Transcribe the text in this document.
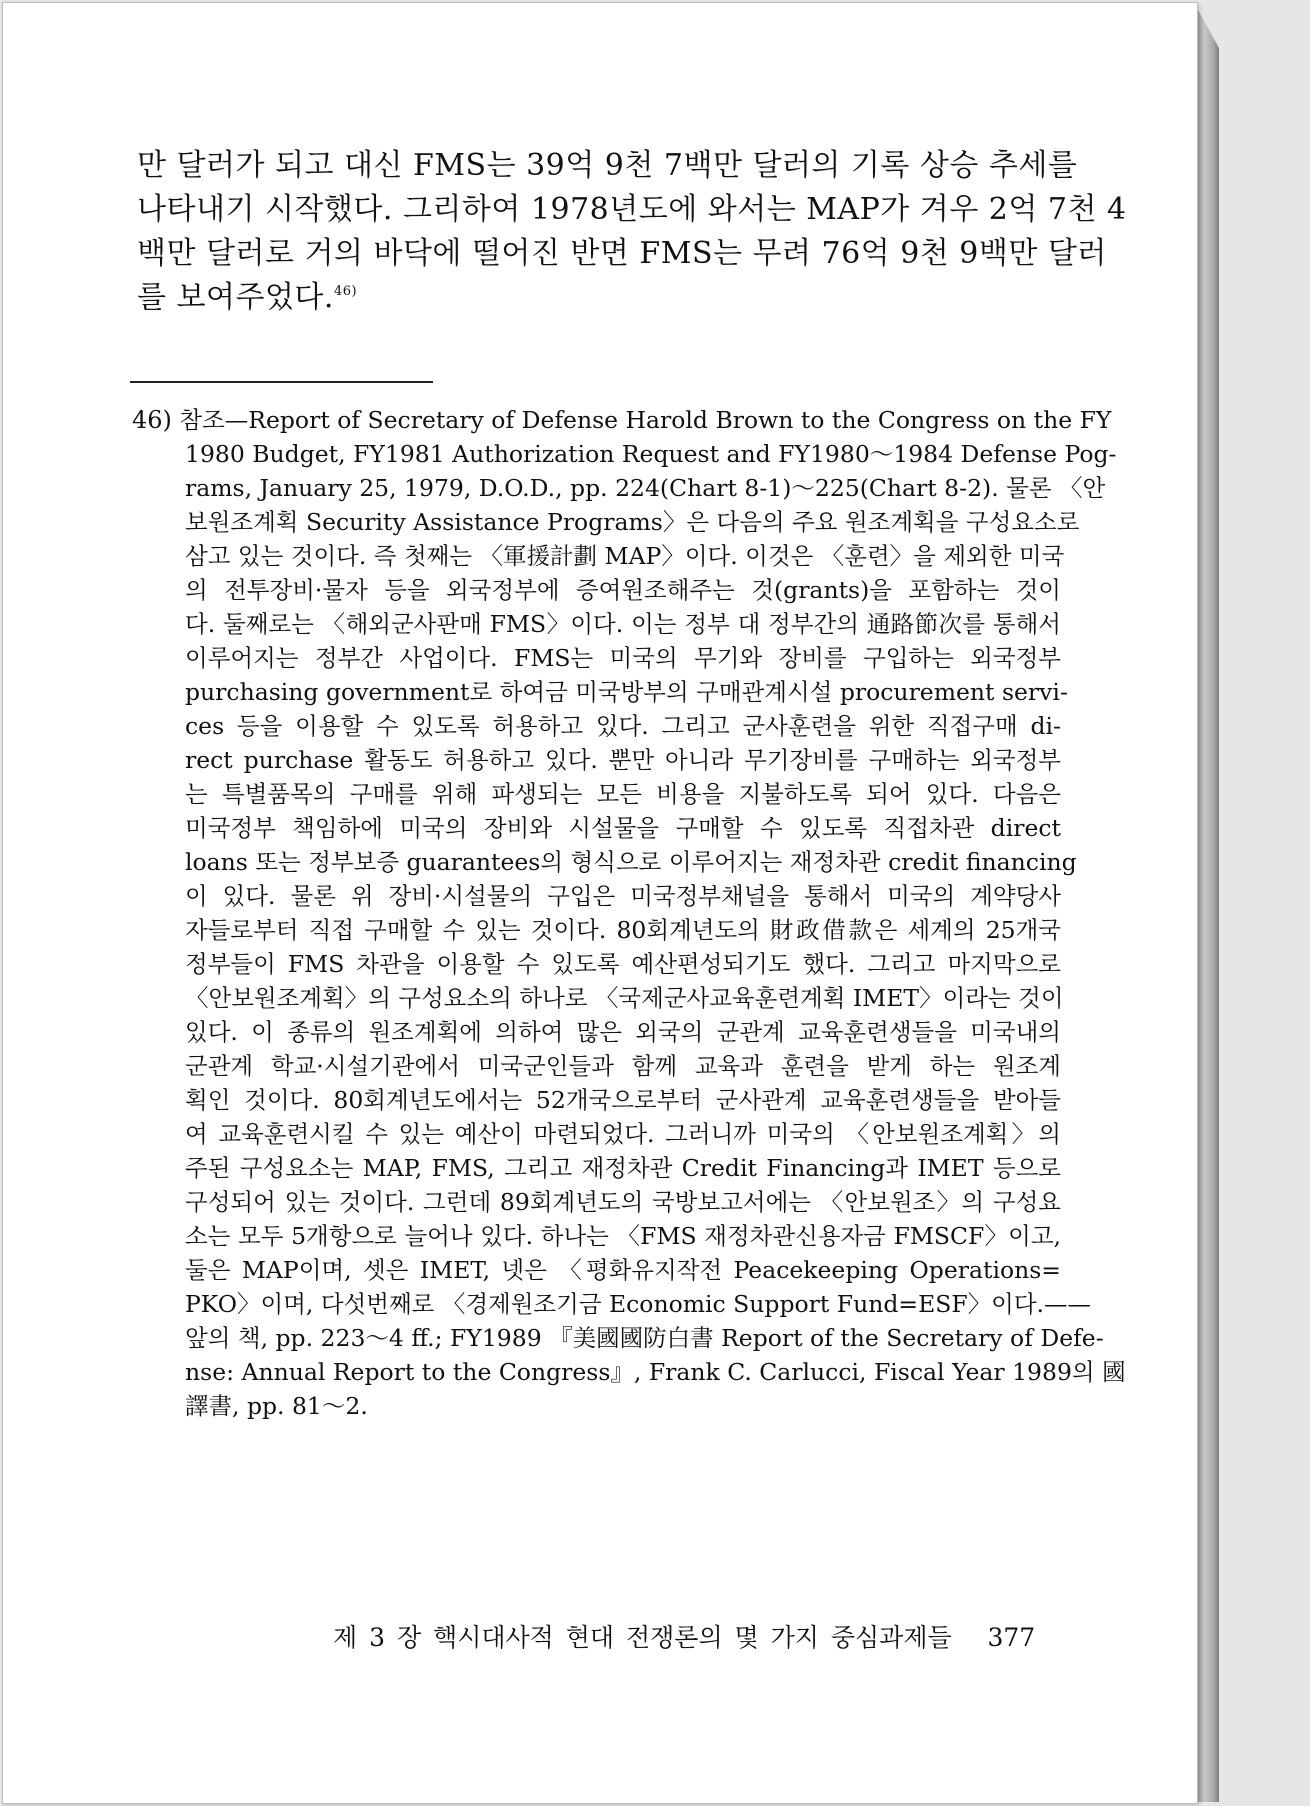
만 달러가 되고 대신 FMS는 39억 9천 7백만 달러의 기록 상승 추세를
나타내기 시작했다. 그리하여 1978년도에 와서는 MAP가 겨우 2억 7천 4
백만 달러로 거의 바닥에 떨어진 반면 FMS는 무려 76억 9천 9백만 달러
를 보여주었다.$^{46)}$
46) 참조—Report of Secretary of Defense Harold Brown to the Congress on the FY
1980 Budget, FY1981 Authorization Request and FY1980〜1984 Defense Pog-
rams, January 25, 1979, D.O.D., pp. 224(Chart 8-1)〜225(Chart 8-2). 물론 〈안
보원조계획 Security Assistance Programs〉은 다음의 주요 원조계획을 구성요소로
삼고 있는 것이다. 즉 첫째는 〈軍援計劃 MAP〉이다. 이것은 〈훈련〉을 제외한 미국
의 전투장비·물자 등을 외국정부에 증여원조해주는 것(grants)을 포함하는 것이
다. 둘째로는 〈해외군사판매 FMS〉이다. 이는 정부 대 정부간의 通路節次를 통해서
이루어지는 정부간 사업이다. FMS는 미국의 무기와 장비를 구입하는 외국정부
purchasing government로 하여금 미국방부의 구매관계시설 procurement servi-
ces 등을 이용할 수 있도록 허용하고 있다. 그리고 군사훈련을 위한 직접구매 di-
rect purchase 활동도 허용하고 있다. 뿐만 아니라 무기장비를 구매하는 외국정부
는 특별품목의 구매를 위해 파생되는 모든 비용을 지불하도록 되어 있다. 다음은
미국정부 책임하에 미국의 장비와 시설물을 구매할 수 있도록 직접차관 direct
loans 또는 정부보증 guarantees의 형식으로 이루어지는 재정차관 credit financing
이 있다. 물론 위 장비·시설물의 구입은 미국정부채널을 통해서 미국의 계약당사
자들로부터 직접 구매할 수 있는 것이다. 80회계년도의 財政借款은 세계의 25개국
정부들이 FMS 차관을 이용할 수 있도록 예산편성되기도 했다. 그리고 마지막으로
〈안보원조계획〉의 구성요소의 하나로 〈국제군사교육훈련계획 IMET〉이라는 것이
있다. 이 종류의 원조계획에 의하여 많은 외국의 군관계 교육훈련생들을 미국내의
군관계 학교·시설기관에서 미국군인들과 함께 교육과 훈련을 받게 하는 원조계
획인 것이다. 80회계년도에서는 52개국으로부터 군사관계 교육훈련생들을 받아들
여 교육훈련시킬 수 있는 예산이 마련되었다. 그러니까 미국의 〈안보원조계획〉의
주된 구성요소는 MAP, FMS, 그리고 재정차관 Credit Financing과 IMET 등으로
구성되어 있는 것이다. 그런데 89회계년도의 국방보고서에는 〈안보원조〉의 구성요
소는 모두 5개항으로 늘어나 있다. 하나는 〈FMS 재정차관신용자금 FMSCF〉이고,
둘은 MAP이며, 셋은 IMET, 넷은 〈평화유지작전 Peacekeeping Operations=
PKO〉이며, 다섯번째로 〈경제원조기금 Economic Support Fund=ESF〉이다.——
앞의 책, pp. 223〜4 ff.; FY1989 『美國國防白書 Report of the Secretary of Defe-
nse: Annual Report to the Congress』, Frank C. Carlucci, Fiscal Year 1989의 國
譯書, pp. 81〜2.
제 3 장 핵시대사적 현대 전쟁론의 몇 가지 중심과제들 377
